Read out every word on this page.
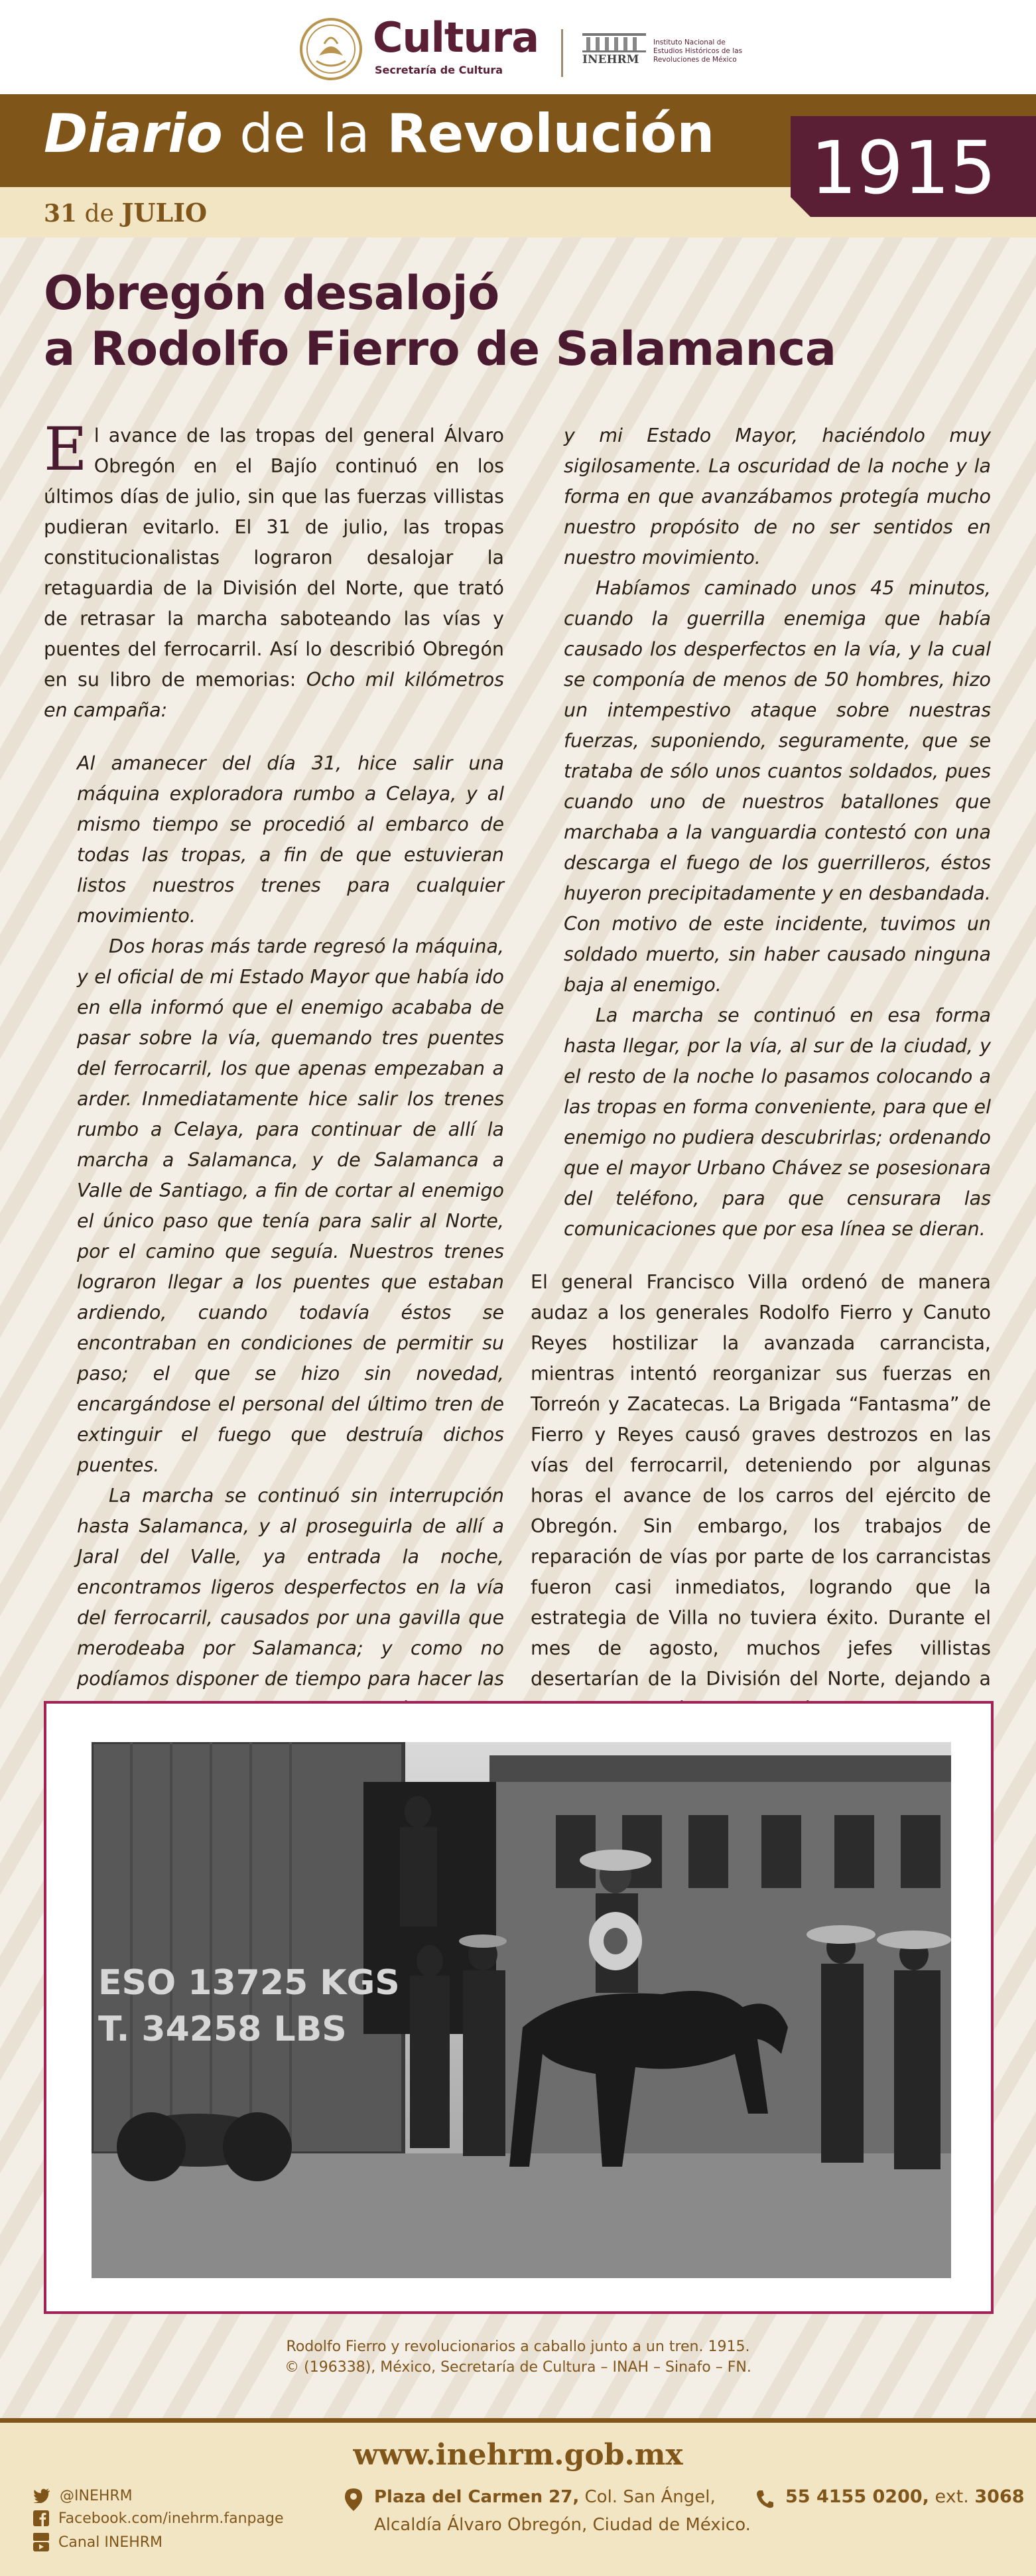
Cultura
Secretaría de Cultura
INEHRM
Instituto Nacional de Estudios Históricos de las Revoluciones de México
Diario de la Revolución
31 de JULIO
1915
Obregón desalojó
a Rodolfo Fierro de Salamanca

El avance de las tropas del general Álvaro Obregón en el Bajío continuó en los últimos días de julio, sin que las fuerzas villistas pudieran evitarlo. El 31 de julio, las tropas constitucionalistas lograron desalojar la retaguardia de la División del Norte, que trató de retrasar la marcha saboteando las vías y puentes del ferrocarril. Así lo describió Obregón en su libro de memorias: Ocho mil kilómetros en campaña:

Al amanecer del día 31, hice salir una máquina exploradora rumbo a Celaya, y al mismo tiempo se procedió al embarco de todas las tropas, a fin de que estuvieran listos nuestros trenes para cualquier movimiento.

Dos horas más tarde regresó la máquina, y el oficial de mi Estado Mayor que había ido en ella informó que el enemigo acababa de pasar sobre la vía, quemando tres puentes del ferrocarril, los que apenas empezaban a arder. Inmediatamente hice salir los trenes rumbo a Celaya, para continuar de allí la marcha a Salamanca, y de Salamanca a Valle de Santiago, a fin de cortar al enemigo el único paso que tenía para salir al Norte, por el camino que seguía. Nuestros trenes lograron llegar a los puentes que estaban ardiendo, cuando todavía éstos se encontraban en condiciones de permitir su paso; el que se hizo sin novedad, encargándose el personal del último tren de extinguir el fuego que destruía dichos puentes.

La marcha se continuó sin interrupción hasta Salamanca, y al proseguirla de allí a Jaral del Valle, ya entrada la noche, encontramos ligeros desperfectos en la vía del ferrocarril, causados por una gavilla que merodeaba por Salamanca; y como no podíamos disponer de tiempo para hacer las

y mi Estado Mayor, haciéndolo muy sigilosamente. La oscuridad de la noche y la forma en que avanzábamos protegía mucho nuestro propósito de no ser sentidos en nuestro movimiento.

Habíamos caminado unos 45 minutos, cuando la guerrilla enemiga que había causado los desperfectos en la vía, y la cual se componía de menos de 50 hombres, hizo un intempestivo ataque sobre nuestras fuerzas, suponiendo, seguramente, que se trataba de sólo unos cuantos soldados, pues cuando uno de nuestros batallones que marchaba a la vanguardia contestó con una descarga el fuego de los guerrilleros, éstos huyeron precipitadamente y en desbandada. Con motivo de este incidente, tuvimos un soldado muerto, sin haber causado ninguna baja al enemigo.

La marcha se continuó en esa forma hasta llegar, por la vía, al sur de la ciudad, y el resto de la noche lo pasamos colocando a las tropas en forma conveniente, para que el enemigo no pudiera descubrirlas; ordenando que el mayor Urbano Chávez se posesionara del teléfono, para que censurara las comunicaciones que por esa línea se dieran.

El general Francisco Villa ordenó de manera audaz a los generales Rodolfo Fierro y Canuto Reyes hostilizar la avanzada carrancista, mientras intentó reorganizar sus fuerzas en Torreón y Zacatecas. La Brigada “Fantasma” de Fierro y Reyes causó graves destrozos en las vías del ferrocarril, deteniendo por algunas horas el avance de los carros del ejército de Obregón. Sin embargo, los trabajos de reparación de vías por parte de los carrancistas fueron casi inmediatos, logrando que la estrategia de Villa no tuviera éxito. Durante el mes de agosto, muchos jefes villistas desertarían de la División del Norte, dejando a

ESO 13725 KGS
T. 34258 LBS
Rodolfo Fierro y revolucionarios a caballo junto a un tren. 1915.
© (196338), México, Secretaría de Cultura – INAH – Sinafo – FN.
www.inehrm.gob.mx
@INEHRM
Facebook.com/inehrm.fanpage
Canal INEHRM
Plaza del Carmen 27, Col. San Ángel,
Alcaldía Álvaro Obregón, Ciudad de México.
55 4155 0200, ext. 3068
